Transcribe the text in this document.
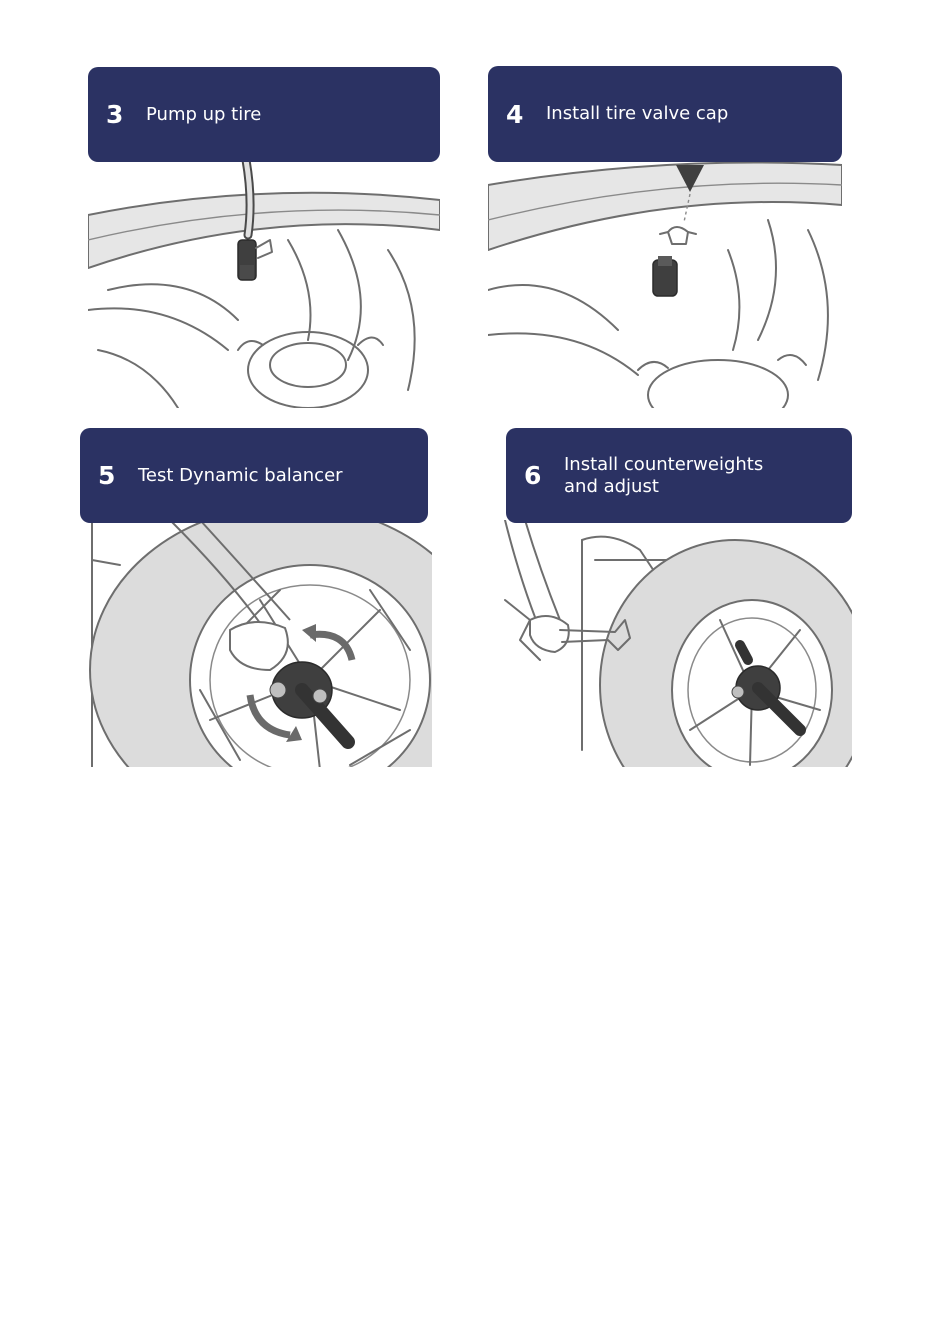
3	Pump up tire	4	Install tire valve cap
5	Test Dynamic balancer	6	Install counterweights
and adjust
